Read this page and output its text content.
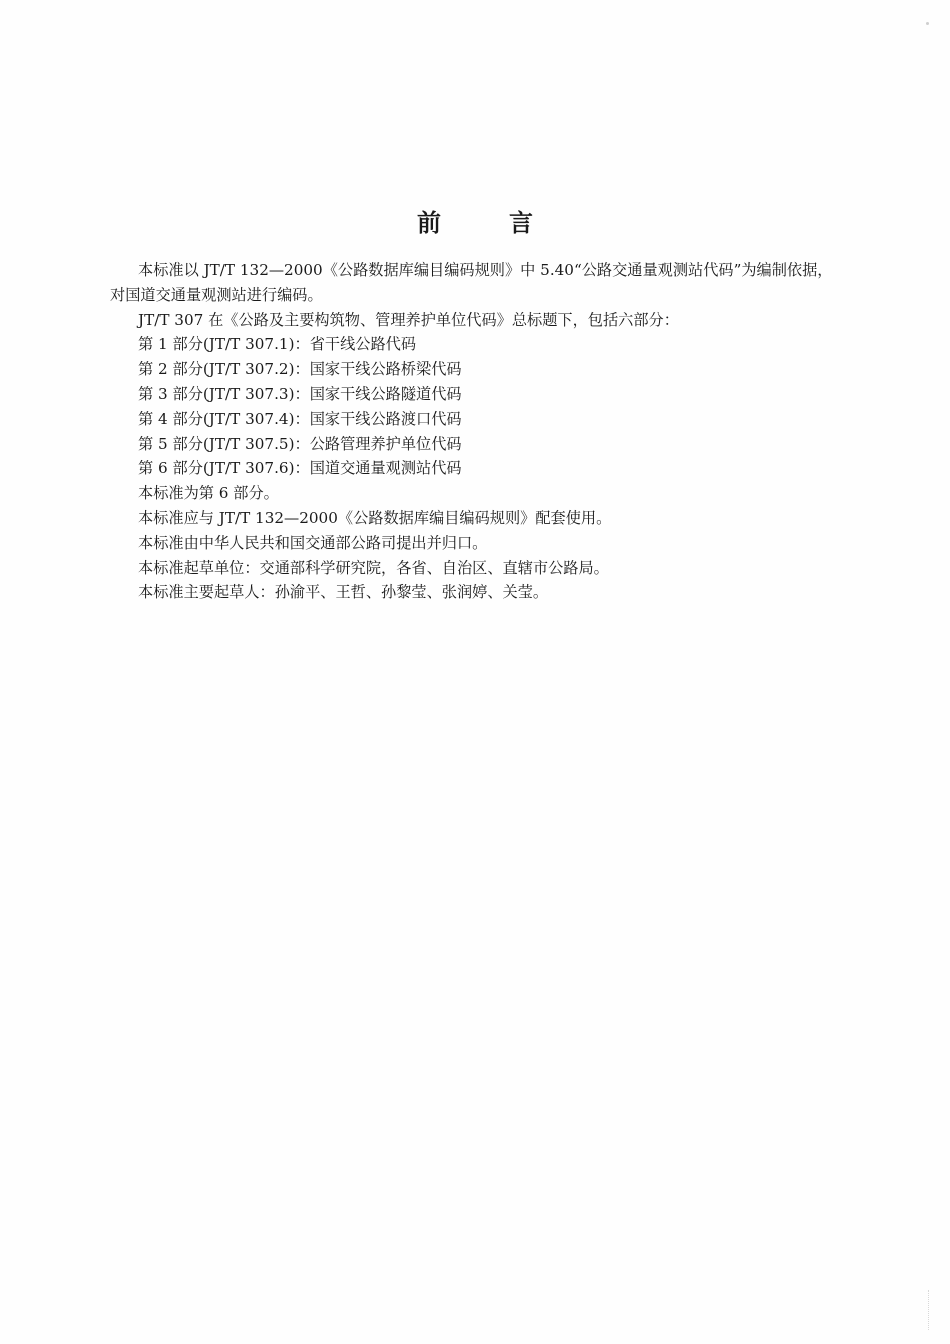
前	言

本标准以 JT/T 132—2000《公路数据库编目编码规则》中 5.40“公路交通量观测站代码”为编制依据，对国道交通量观测站进行编码。

JT/T 307 在《公路及主要构筑物、管理养护单位代码》总标题下，包括六部分：

第 1 部分(JT/T 307.1)：省干线公路代码

第 2 部分(JT/T 307.2)：国家干线公路桥梁代码

第 3 部分(JT/T 307.3)：国家干线公路隧道代码

第 4 部分(JT/T 307.4)：国家干线公路渡口代码

第 5 部分(JT/T 307.5)：公路管理养护单位代码

第 6 部分(JT/T 307.6)：国道交通量观测站代码

本标准为第 6 部分。

本标准应与 JT/T 132—2000《公路数据库编目编码规则》配套使用。

本标准由中华人民共和国交通部公路司提出并归口。

本标准起草单位：交通部科学研究院，各省、自治区、直辖市公路局。

本标准主要起草人：孙渝平、王哲、孙黎莹、张润婷、关莹。
